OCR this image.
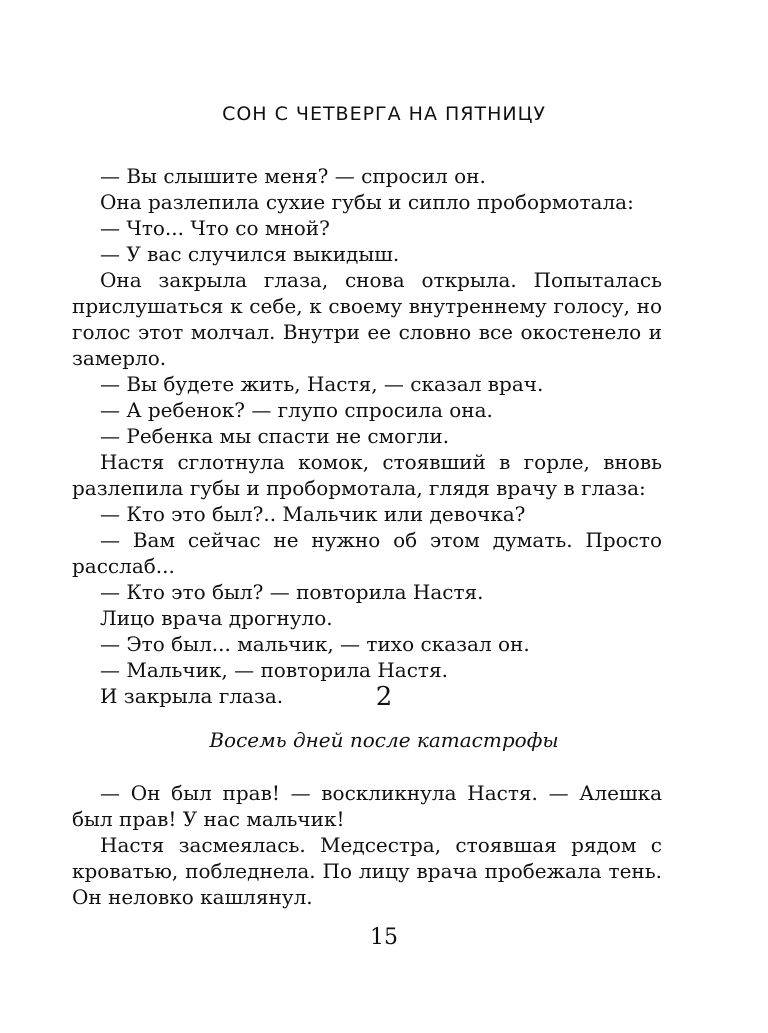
СОН С ЧЕТВЕРГА НА ПЯТНИЦУ

— Вы слышите меня? — спросил он.

Она разлепила сухие губы и сипло пробормотала:

— Что... Что со мной?

— У вас случился выкидыш.

Она закрыла глаза, снова открыла. Попыталась прислушаться к себе, к своему внутреннему голосу, но голос этот молчал. Внутри ее словно все окостенело и замерло.

— Вы будете жить, Настя, — сказал врач.

— А ребенок? — глупо спросила она.

— Ребенка мы спасти не смогли.

Настя сглотнула комок, стоявший в горле, вновь разлепила губы и пробормотала, глядя врачу в глаза:

— Кто это был?.. Мальчик или девочка?

— Вам сейчас не нужно об этом думать. Просто расслаб...

— Кто это был? — повторила Настя.

Лицо врача дрогнуло.

— Это был... мальчик, — тихо сказал он.

— Мальчик, — повторила Настя.

И закрыла глаза.	2
Восемь дней после катастрофы

— Он был прав! — воскликнула Настя. — Алешка был прав! У нас мальчик!

Настя засмеялась. Медсестра, стоявшая рядом с кроватью, побледнела. По лицу врача пробежала тень. Он неловко кашлянул.

15
